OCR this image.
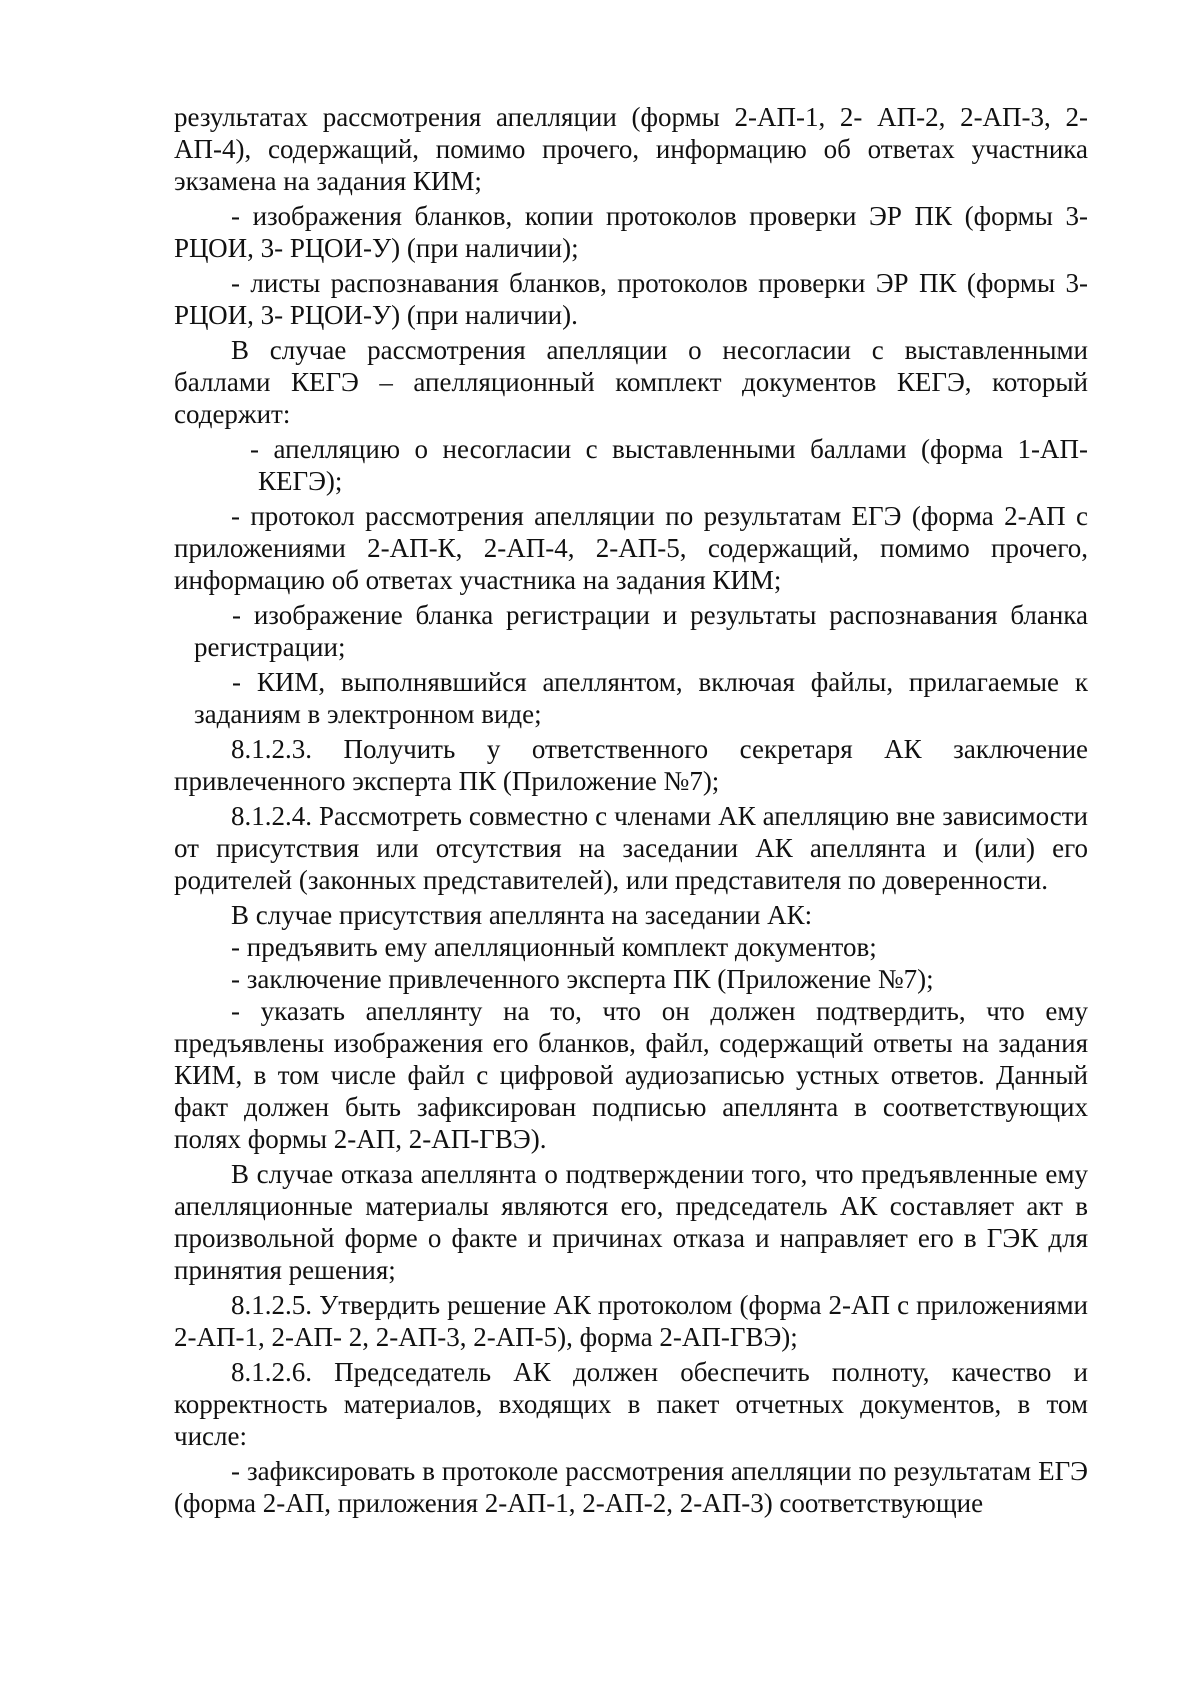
результатах рассмотрения апелляции (формы 2-АП-1, 2- АП-2, 2-АП-3, 2-АП-4), содержащий, помимо прочего, информацию об ответах участника экзамена на задания КИМ;

- изображения бланков, копии протоколов проверки ЭР ПК (формы 3-РЦОИ, 3- РЦОИ-У) (при наличии);

- листы распознавания бланков, протоколов проверки ЭР ПК (формы 3-РЦОИ, 3- РЦОИ-У) (при наличии).

В случае рассмотрения апелляции о несогласии с выставленными баллами КЕГЭ – апелляционный комплект документов КЕГЭ, который содержит:

- апелляцию о несогласии с выставленными баллами (форма 1-АП-КЕГЭ);

- протокол рассмотрения апелляции по результатам ЕГЭ (форма 2-АП с приложениями 2-АП-К, 2-АП-4, 2-АП-5, содержащий, помимо прочего, информацию об ответах участника на задания КИМ;

- изображение бланка регистрации и результаты распознавания бланка регистрации;

- КИМ, выполнявшийся апеллянтом, включая файлы, прилагаемые к заданиям в электронном виде;

8.1.2.3. Получить у ответственного секретаря АК заключение привлеченного эксперта ПК (Приложение №7);

8.1.2.4. Рассмотреть совместно с членами АК апелляцию вне зависимости от присутствия или отсутствия на заседании АК апеллянта и (или) его родителей (законных представителей), или представителя по доверенности.

В случае присутствия апеллянта на заседании АК:

- предъявить ему апелляционный комплект документов;

- заключение привлеченного эксперта ПК (Приложение №7);

- указать апеллянту на то, что он должен подтвердить, что ему предъявлены изображения его бланков, файл, содержащий ответы на задания КИМ, в том числе файл с цифровой аудиозаписью устных ответов. Данный факт должен быть зафиксирован подписью апеллянта в соответствующих полях формы 2-АП, 2-АП-ГВЭ).

В случае отказа апеллянта о подтверждении того, что предъявленные ему апелляционные материалы являются его, председатель АК составляет акт в произвольной форме о факте и причинах отказа и направляет его в ГЭК для принятия решения;

8.1.2.5. Утвердить решение АК протоколом (форма 2-АП с приложениями 2-АП-1, 2-АП- 2, 2-АП-3, 2-АП-5), форма 2-АП-ГВЭ);

8.1.2.6. Председатель АК должен обеспечить полноту, качество и корректность материалов, входящих в пакет отчетных документов, в том числе:

- зафиксировать в протоколе рассмотрения апелляции по результатам ЕГЭ (форма 2-АП, приложения 2-АП-1, 2-АП-2, 2-АП-3) соответствующие
